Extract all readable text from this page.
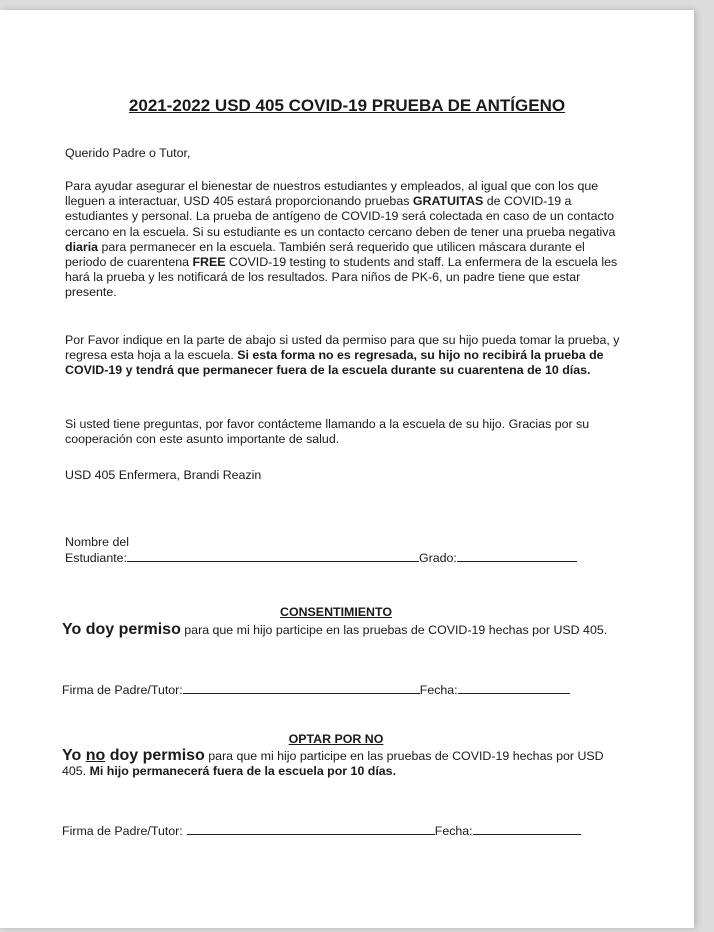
2021-2022 USD 405 COVID-19 PRUEBA DE ANTÍGENO
Querido Padre o Tutor,
Para ayudar asegurar el bienestar de nuestros estudiantes y empleados, al igual que con los que lleguen a interactuar, USD 405 estará proporcionando pruebas GRATUITAS de COVID-19 a estudiantes y personal. La prueba de antígeno de COVID-19 será colectada en caso de un contacto cercano en la escuela. Si su estudiante es un contacto cercano deben de tener una prueba negativa diaria para permanecer en la escuela. También será requerido que utilicen máscara durante el periodo de cuarentena FREE COVID-19 testing to students and staff. La enfermera de la escuela les hará la prueba y les notificará de los resultados. Para niños de PK-6, un padre tiene que estar presente.
Por Favor indique en la parte de abajo si usted da permiso para que su hijo pueda tomar la prueba, y regresa esta hoja a la escuela. Si esta forma no es regresada, su hijo no recibirá la prueba de COVID-19 y tendrá que permanecer fuera de la escuela durante su cuarentena de 10 días.
Si usted tiene preguntas, por favor contácteme llamando a la escuela de su hijo. Gracias por su cooperación con este asunto importante de salud.
USD 405 Enfermera, Brandi Reazin
Nombre del
Estudiante:	Grado:
CONSENTIMIENTO
Yo doy permiso para que mi hijo participe en las pruebas de COVID-19 hechas por USD 405.
Firma de Padre/Tutor:	Fecha:
OPTAR POR NO
Yo no doy permiso para que mi hijo participe en las pruebas de COVID-19 hechas por USD 405. Mi hijo permanecerá fuera de la escuela por 10 días.
Firma de Padre/Tutor:	Fecha:
